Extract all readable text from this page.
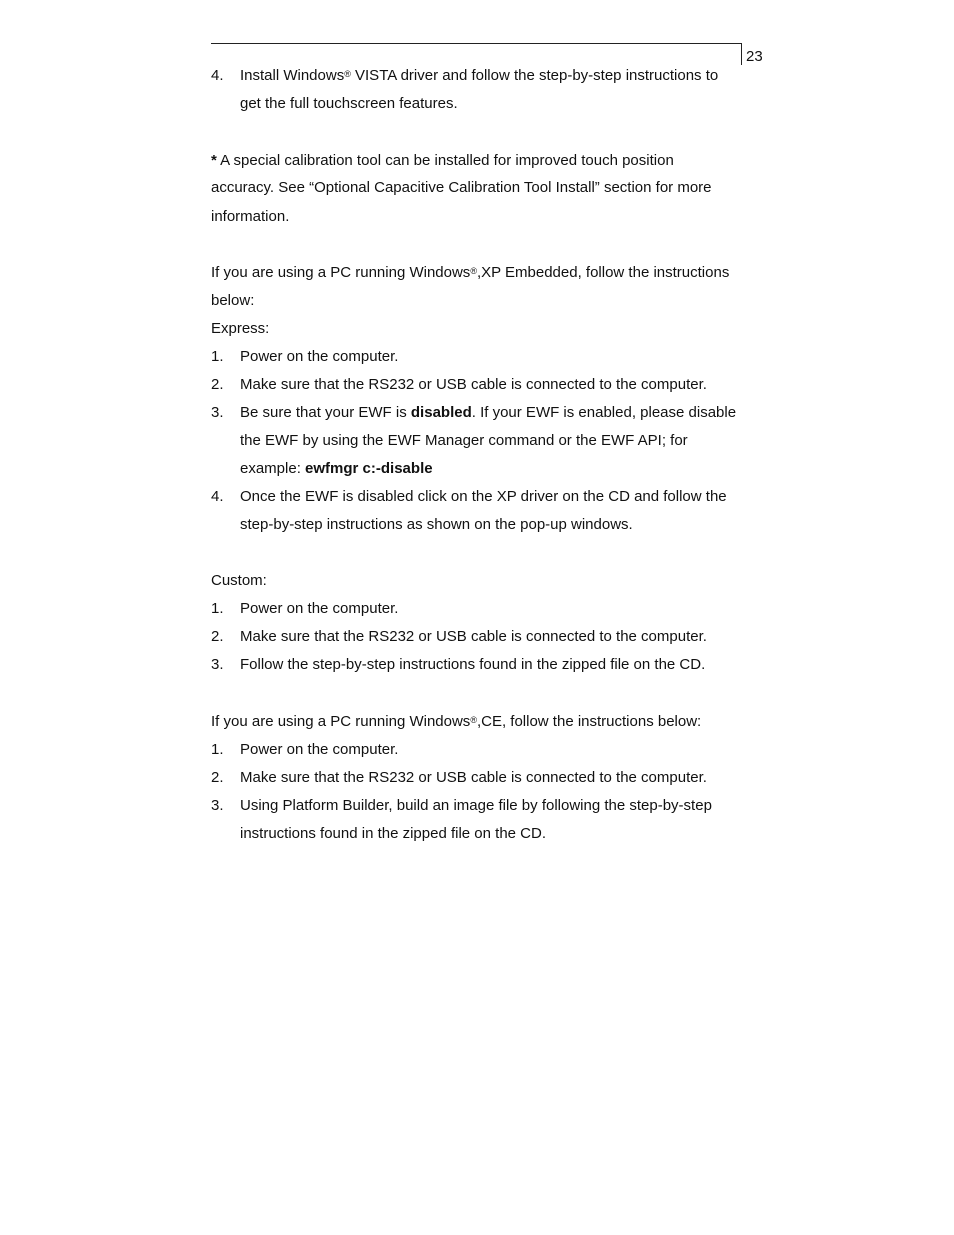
23
4. Install Windows® VISTA driver and follow the step-by-step instructions to
get the full touchscreen features.
* A special calibration tool can be installed for improved touch position
accuracy. See “Optional Capacitive Calibration Tool Install” section for more
information.
If you are using a PC running Windows®,XP Embedded, follow the instructions
below:
Express:
1. Power on the computer.
2. Make sure that the RS232 or USB cable is connected to the computer.
3. Be sure that your EWF is disabled. If your EWF is enabled, please disable
the EWF by using the EWF Manager command or the EWF API; for
example: ewfmgr c:-disable
4. Once the EWF is disabled click on the XP driver on the CD and follow the
step-by-step instructions as shown on the pop-up windows.
Custom:
1. Power on the computer.
2. Make sure that the RS232 or USB cable is connected to the computer.
3. Follow the step-by-step instructions found in the zipped file on the CD.
If you are using a PC running Windows®,CE, follow the instructions below:
1. Power on the computer.
2. Make sure that the RS232 or USB cable is connected to the computer.
3. Using Platform Builder, build an image file by following the step-by-step
instructions found in the zipped file on the CD.
